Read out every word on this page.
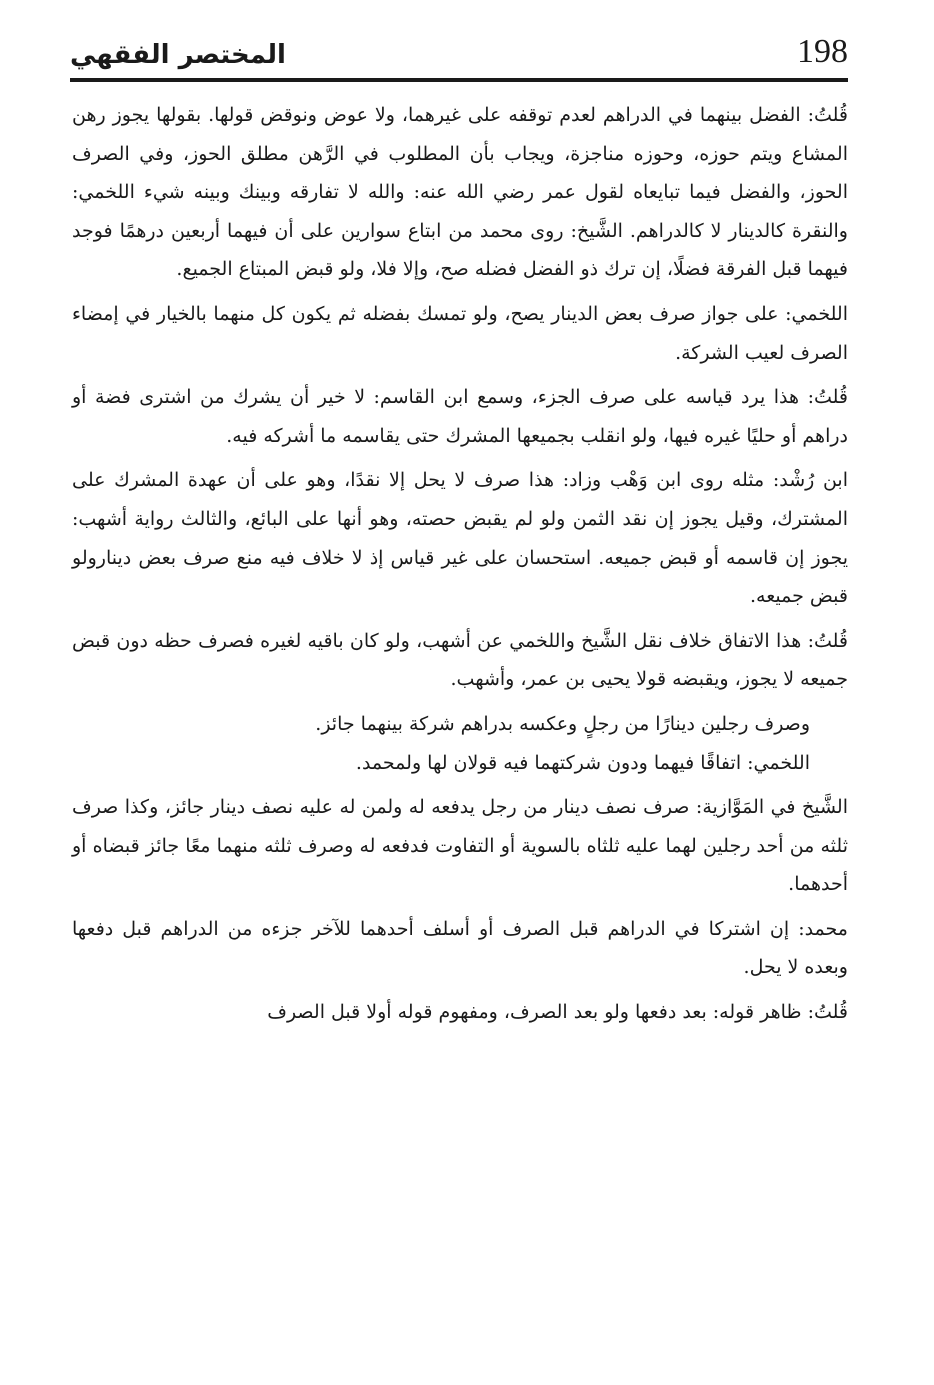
198
المختصر الفقهي

قُلتُ: الفضل بينهما في الدراهم لعدم توقفه على غيرهما، ولا عوض ونوقض قولها. بقولها يجوز رهن المشاع ويتم حوزه، وحوزه مناجزة، ويجاب بأن المطلوب في الرَّهن مطلق الحوز، وفي الصرف الحوز، والفضل فيما تبايعاه لقول عمر رضي الله عنه: والله لا تفارقه وبينك وبينه شيء اللخمي: والنقرة كالدينار لا كالدراهم. الشَّيخ: روى محمد من ابتاع سوارين على أن فيهما أربعين درهمًا فوجد فيهما قبل الفرقة فضلًا، إن ترك ذو الفضل فضله صح، وإلا فلا، ولو قبض المبتاع الجميع.

اللخمي: على جواز صرف بعض الدينار يصح، ولو تمسك بفضله ثم يكون كل منهما بالخيار في إمضاء الصرف لعيب الشركة.

قُلتُ: هذا يرد قياسه على صرف الجزء، وسمع ابن القاسم: لا خير أن يشرك من اشترى فضة أو دراهم أو حليًا غيره فيها، ولو انقلب بجميعها المشرك حتى يقاسمه ما أشركه فيه.

ابن رُشْد: مثله روى ابن وَهْب وزاد: هذا صرف لا يحل إلا نقدًا، وهو على أن عهدة المشرك على المشترك، وقيل يجوز إن نقد الثمن ولو لم يقبض حصته، وهو أنها على البائع، والثالث رواية أشهب: يجوز إن قاسمه أو قبض جميعه. استحسان على غير قياس إذ لا خلاف فيه منع صرف بعض دينارولو قبض جميعه.

قُلتُ: هذا الاتفاق خلاف نقل الشَّيخ واللخمي عن أشهب، ولو كان باقيه لغيره فصرف حظه دون قبض جميعه لا يجوز، ويقبضه قولا يحيى بن عمر، وأشهب.

وصرف رجلين دينارًا من رجلٍ وعكسه بدراهم شركة بينهما جائز.

اللخمي: اتفاقًا فيهما ودون شركتهما فيه قولان لها ولمحمد.

الشَّيخ في المَوَّازية: صرف نصف دينار من رجل يدفعه له ولمن له عليه نصف دينار جائز، وكذا صرف ثلثه من أحد رجلين لهما عليه ثلثاه بالسوية أو التفاوت فدفعه له وصرف ثلثه منهما معًا جائز قبضاه أو أحدهما.

محمد: إن اشتركا في الدراهم قبل الصرف أو أسلف أحدهما للآخر جزءه من الدراهم قبل دفعها وبعده لا يحل.

قُلتُ: ظاهر قوله: بعد دفعها ولو بعد الصرف، ومفهوم قوله أولا قبل الصرف
